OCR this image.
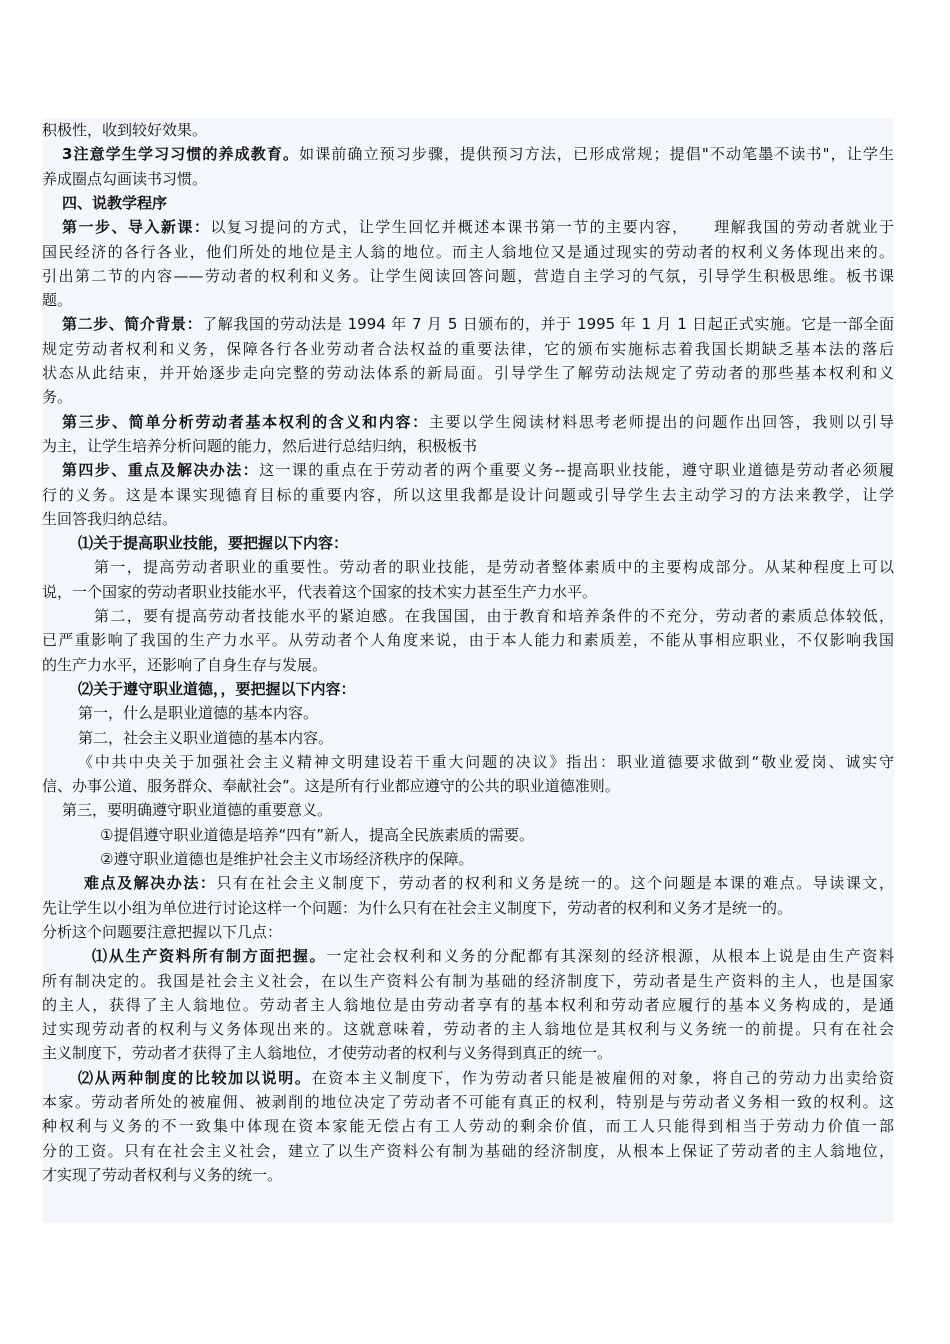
积极性，收到较好效果。
3注意学生学习习惯的养成教育。如课前确立预习步骤，提供预习方法，已形成常规；提倡"不动笔墨不读书"，让学生
养成圈点勾画读书习惯。
四、说教学程序
第一步、导入新课：以复习提问的方式，让学生回忆并概述本课书第一节的主要内容，　　理解我国的劳动者就业于
国民经济的各行各业，他们所处的地位是主人翁的地位。而主人翁地位又是通过现实的劳动者的权利义务体现出来的。
引出第二节的内容——劳动者的权利和义务。让学生阅读回答问题，营造自主学习的气氛，引导学生积极思维。板书课
题。
第二步、简介背景：了解我国的劳动法是 1994 年 7 月 5 日颁布的，并于 1995 年 1 月 1 日起正式实施。它是一部全面
规定劳动者权利和义务，保障各行各业劳动者合法权益的重要法律，它的颁布实施标志着我国长期缺乏基本法的落后
状态从此结束，并开始逐步走向完整的劳动法体系的新局面。引导学生了解劳动法规定了劳动者的那些基本权利和义
务。
第三步、简单分析劳动者基本权利的含义和内容：主要以学生阅读材料思考老师提出的问题作出回答，我则以引导
为主，让学生培养分析问题的能力，然后进行总结归纳，积极板书
第四步、重点及解决办法：这一课的重点在于劳动者的两个重要义务--提高职业技能，遵守职业道德是劳动者必须履
行的义务。这是本课实现德育目标的重要内容，所以这里我都是设计问题或引导学生去主动学习的方法来教学，让学
生回答我归纳总结。
⑴关于提高职业技能，要把握以下内容：
第一，提高劳动者职业的重要性。劳动者的职业技能，是劳动者整体素质中的主要构成部分。从某种程度上可以
说，一个国家的劳动者职业技能水平，代表着这个国家的技术实力甚至生产力水平。
第二，要有提高劳动者技能水平的紧迫感。在我国国，由于教育和培养条件的不充分，劳动者的素质总体较低，
已严重影响了我国的生产力水平。从劳动者个人角度来说，由于本人能力和素质差，不能从事相应职业，不仅影响我国
的生产力水平，还影响了自身生存与发展。
⑵关于遵守职业道德，，要把握以下内容：
第一，什么是职业道德的基本内容。
第二，社会主义职业道德的基本内容。
《中共中央关于加强社会主义精神文明建设若干重大问题的决议》指出：职业道德要求做到“敬业爱岗、诚实守
信、办事公道、服务群众、奉献社会”。这是所有行业都应遵守的公共的职业道德准则。
第三，要明确遵守职业道德的重要意义。
①提倡遵守职业道德是培养“四有”新人，提高全民族素质的需要。
②遵守职业道德也是维护社会主义市场经济秩序的保障。
难点及解决办法：只有在社会主义制度下，劳动者的权利和义务是统一的。这个问题是本课的难点。导读课文，
先让学生以小组为单位进行讨论这样一个问题：为什么只有在社会主义制度下，劳动者的权利和义务才是统一的。
分析这个问题要注意把握以下几点：
⑴从生产资料所有制方面把握。一定社会权利和义务的分配都有其深刻的经济根源，从根本上说是由生产资料
所有制决定的。我国是社会主义社会，在以生产资料公有制为基础的经济制度下，劳动者是生产资料的主人，也是国家
的主人，获得了主人翁地位。劳动者主人翁地位是由劳动者享有的基本权利和劳动者应履行的基本义务构成的，是通
过实现劳动者的权利与义务体现出来的。这就意味着，劳动者的主人翁地位是其权利与义务统一的前提。只有在社会
主义制度下，劳动者才获得了主人翁地位，才使劳动者的权利与义务得到真正的统一。
⑵从两种制度的比较加以说明。在资本主义制度下，作为劳动者只能是被雇佣的对象，将自己的劳动力出卖给资
本家。劳动者所处的被雇佣、被剥削的地位决定了劳动者不可能有真正的权利，特别是与劳动者义务相一致的权利。这
种权利与义务的不一致集中体现在资本家能无偿占有工人劳动的剩余价值，而工人只能得到相当于劳动力价值一部
分的工资。只有在社会主义社会，建立了以生产资料公有制为基础的经济制度，从根本上保证了劳动者的主人翁地位，
才实现了劳动者权利与义务的统一。
